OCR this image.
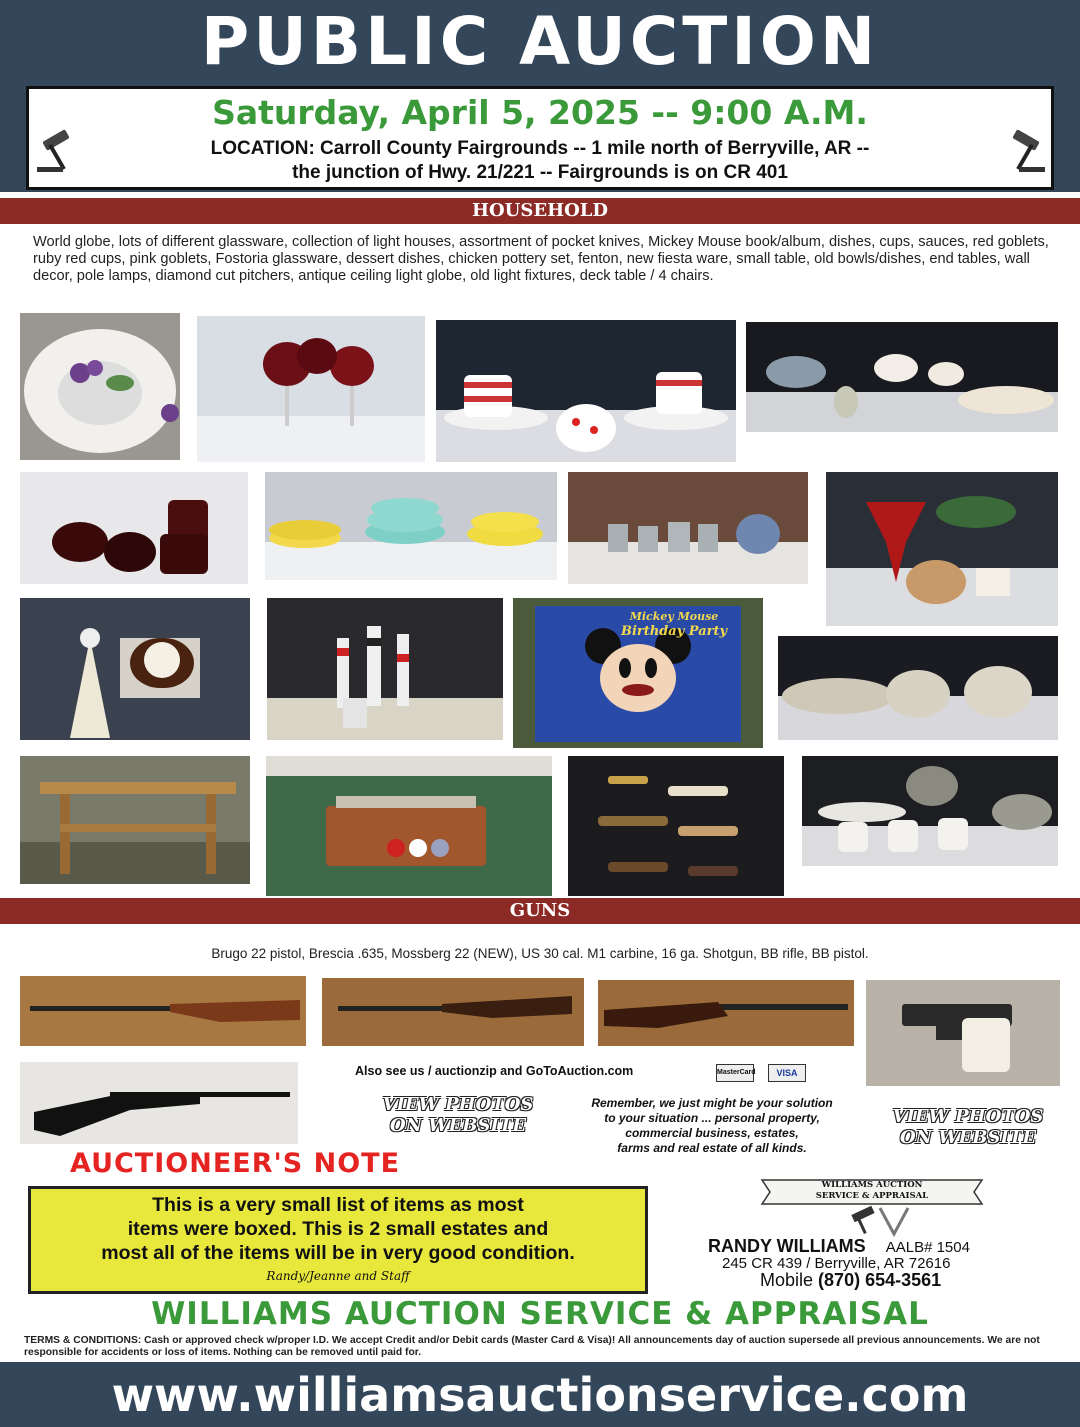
PUBLIC AUCTION
Saturday, April 5, 2025 -- 9:00 A.M.
LOCATION: Carroll County Fairgrounds -- 1 mile north of Berryville, AR --
the junction of Hwy. 21/221 -- Fairgrounds is on CR 401
HOUSEHOLD
World globe, lots of different glassware, collection of light houses, assortment of pocket knives, Mickey Mouse book/album, dishes, cups, sauces, red goblets, ruby red cups, pink goblets, Fostoria glassware, dessert dishes, chicken pottery set, fenton, new fiesta ware, small table, old bowls/dishes, end tables, wall decor, pole lamps, diamond cut pitchers, antique ceiling light globe, old light fixtures, deck table / 4 chairs.
Mickey Mouse
Birthday Party
GUNS
Brugo 22 pistol, Brescia .635, Mossberg 22 (NEW), US 30 cal. M1 carbine, 16 ga. Shotgun, BB rifle, BB pistol.
Also see us / auctionzip and GoToAuction.com	MasterCard	VISA
VIEW PHOTOS
ON WEBSITE
Remember, we just might be your solution
to your situation ... personal property,
commercial business, estates,
farms and real estate of all kinds.
VIEW PHOTOS
ON WEBSITE
AUCTIONEER'S NOTE
This is a very small list of items as most
items were boxed. This is 2 small estates and
most all of the items will be in very good condition.
Randy/Jeanne and Staff
WILLIAMS AUCTION
SERVICE & APPRAISAL
RANDY WILLIAMS AALB# 1504
245 CR 439 / Berryville, AR 72616
Mobile (870) 654-3561
WILLIAMS AUCTION SERVICE & APPRAISAL
TERMS & CONDITIONS: Cash or approved check w/proper I.D. We accept Credit and/or Debit cards (Master Card & Visa)! All announcements day of auction supersede all previous announcements. We are not responsible for accidents or loss of items. Nothing can be removed until paid for.
www.williamsauctionservice.com
